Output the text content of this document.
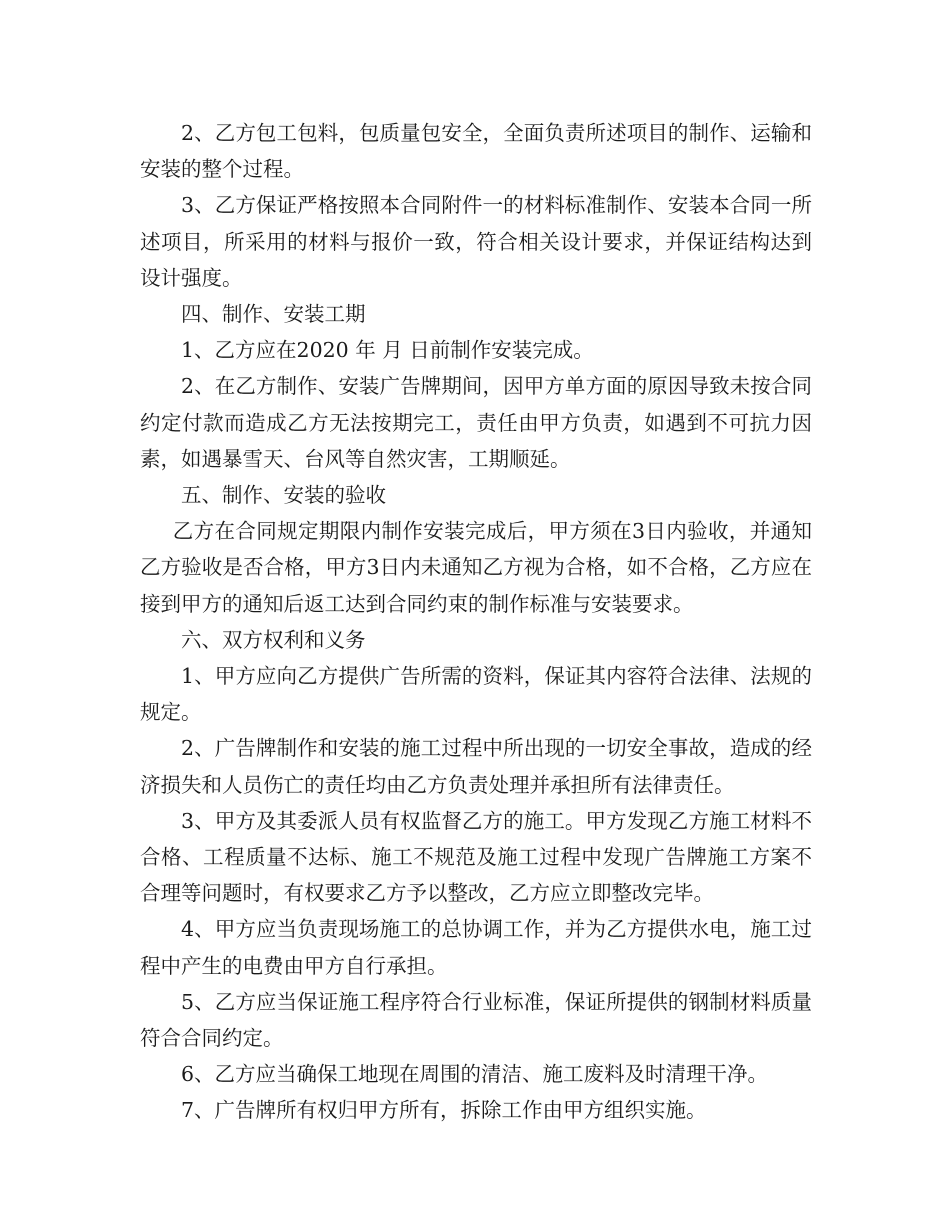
2、乙方包工包料，包质量包安全，全面负责所述项目的制作、运输和安装的整个过程。

3、乙方保证严格按照本合同附件一的材料标准制作、安装本合同一所述项目，所采用的材料与报价一致，符合相关设计要求，并保证结构达到设计强度。

四、制作、安装工期

1、乙方应在2020 年 月 日前制作安装完成。

2、在乙方制作、安装广告牌期间，因甲方单方面的原因导致未按合同约定付款而造成乙方无法按期完工，责任由甲方负责，如遇到不可抗力因素，如遇暴雪天、台风等自然灾害，工期顺延。

五、制作、安装的验收

乙方在合同规定期限内制作安装完成后，甲方须在3日内验收，并通知乙方验收是否合格，甲方3日内未通知乙方视为合格，如不合格，乙方应在接到甲方的通知后返工达到合同约束的制作标准与安装要求。

六、双方权利和义务

1、甲方应向乙方提供广告所需的资料，保证其内容符合法律、法规的规定。

2、广告牌制作和安装的施工过程中所出现的一切安全事故，造成的经济损失和人员伤亡的责任均由乙方负责处理并承担所有法律责任。

3、甲方及其委派人员有权监督乙方的施工。甲方发现乙方施工材料不合格、工程质量不达标、施工不规范及施工过程中发现广告牌施工方案不合理等问题时，有权要求乙方予以整改，乙方应立即整改完毕。

4、甲方应当负责现场施工的总协调工作，并为乙方提供水电，施工过程中产生的电费由甲方自行承担。

5、乙方应当保证施工程序符合行业标准，保证所提供的钢制材料质量符合合同约定。

6、乙方应当确保工地现在周围的清洁、施工废料及时清理干净。

7、广告牌所有权归甲方所有，拆除工作由甲方组织实施。
